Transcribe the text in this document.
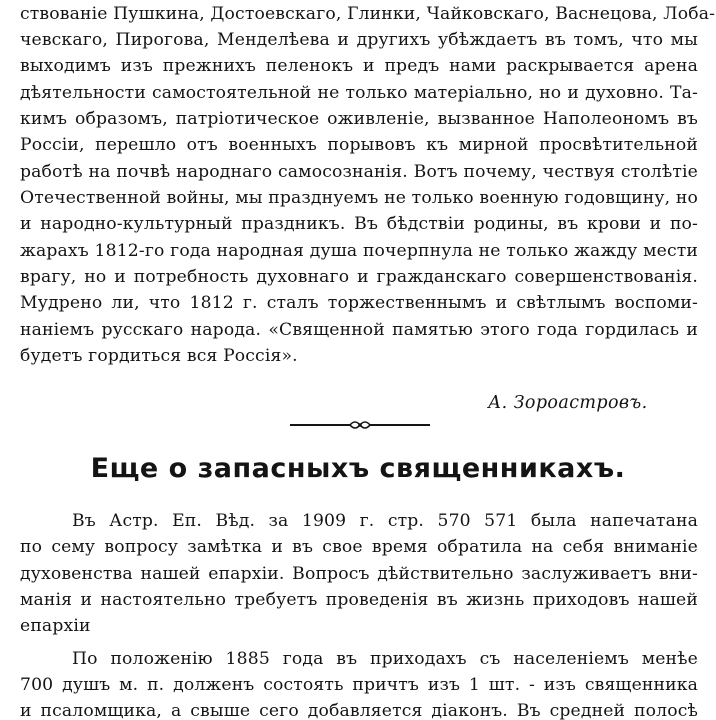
ствованіе Пушкина, Достоевскаго, Глинки, Чайковскаго, Васнецова, Лоба-
чевскаго, Пирогова, Менделѣева и другихъ убѣждаетъ въ томъ, что мы
выходимъ изъ прежнихъ пеленокъ и предъ нами раскрывается арена
дѣятельности самостоятельной не только матеріально, но и духовно. Та-
кимъ образомъ, патріотическое оживленіе, вызванное Наполеономъ въ
Россіи, перешло отъ военныхъ порывовъ къ мирной просвѣтительной
работѣ на почвѣ народнаго самосознанія. Вотъ почему, чествуя столѣтіе
Отечественной войны, мы празднуемъ не только военную годовщину, но
и народно-культурный праздникъ. Въ бѣдствіи родины, въ крови и по-
жарахъ 1812-го года народная душа почерпнула не только жажду мести
врагу, но и потребность духовнаго и гражданскаго совершенствованія.
Мудрено ли, что 1812 г. сталъ торжественнымъ и свѣтлымъ воспоми-
наніемъ русскаго народа. «Священной памятью этого года гордилась и
будетъ гордиться вся Россія».
А. Зороастровъ.
Еще о запасныхъ священникахъ.
Въ Астр. Еп. Вѣд. за 1909 г. стр. 570 571 была напечатана
по сему вопросу замѣтка и въ свое время обратила на себя вниманіе
духовенства нашей епархіи. Вопросъ дѣйствительно заслуживаетъ вни-
манія и настоятельно требуетъ проведенія въ жизнь приходовъ нашей
епархіи
По положенію 1885 года въ приходахъ съ населеніемъ менѣе
700 душъ м. п. долженъ состоять причтъ изъ 1 шт. - изъ священника
и псаломщика, а свыше сего добавляется діаконъ. Въ средней полосѣ
